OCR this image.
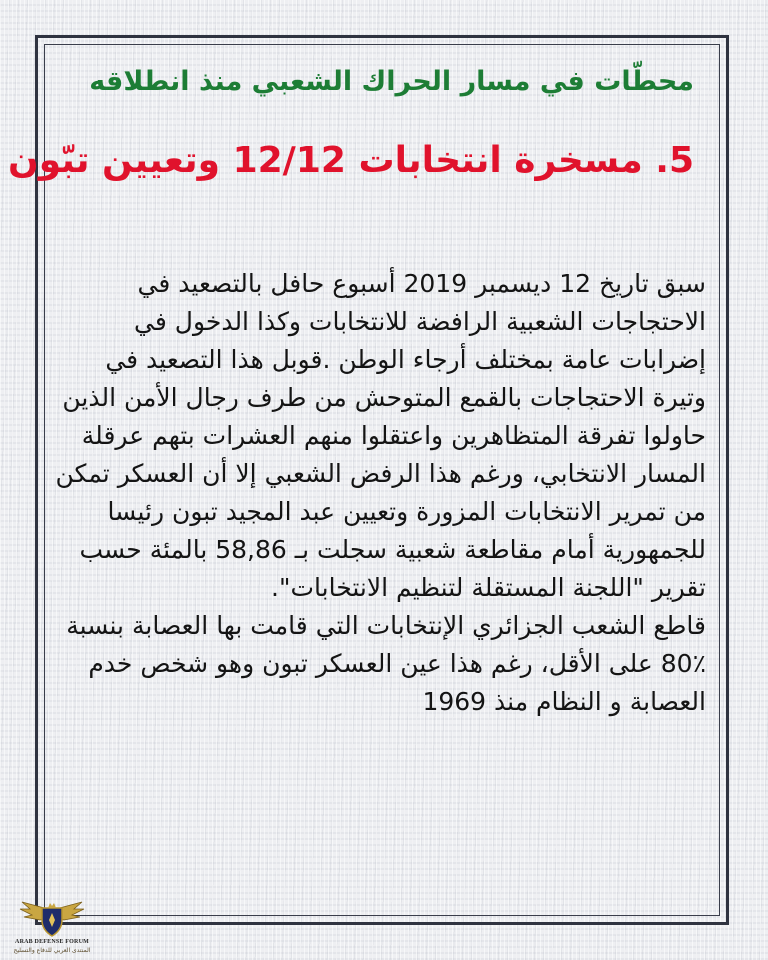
محطّات في مسار الحراك الشعبي منذ انطلاقه
5. مسخرة انتخابات 12/12 وتعيين تبّون

سبق تاريخ 12 ديسمبر 2019 أسبوع حافل بالتصعيد في الاحتجاجات الشعبية الرافضة للانتخابات وكذا الدخول في إضرابات عامة بمختلف أرجاء الوطن .قوبل هذا التصعيد في وتيرة الاحتجاجات بالقمع المتوحش من طرف رجال الأمن الذين حاولوا تفرقة المتظاهرين واعتقلوا منهم العشرات بتهم عرقلة المسار الانتخابي، ورغم هذا الرفض الشعبي إلا أن العسكر تمكن من تمرير الانتخابات المزورة وتعيين عبد المجيد تبون رئيسا للجمهورية أمام مقاطعة شعبية سجلت بـ 58,86 بالمئة حسب تقرير "اللجنة المستقلة لتنظيم الانتخابات".

قاطع الشعب الجزائري الإنتخابات التي قامت بها العصابة بنسبة ٪80 على الأقل، رغم هذا عين العسكر تبون وهو شخص خدم العصابة و النظام منذ 1969

ARAB DEFENSE FORUM
المنتدى العربي للدفاع والتسليح
